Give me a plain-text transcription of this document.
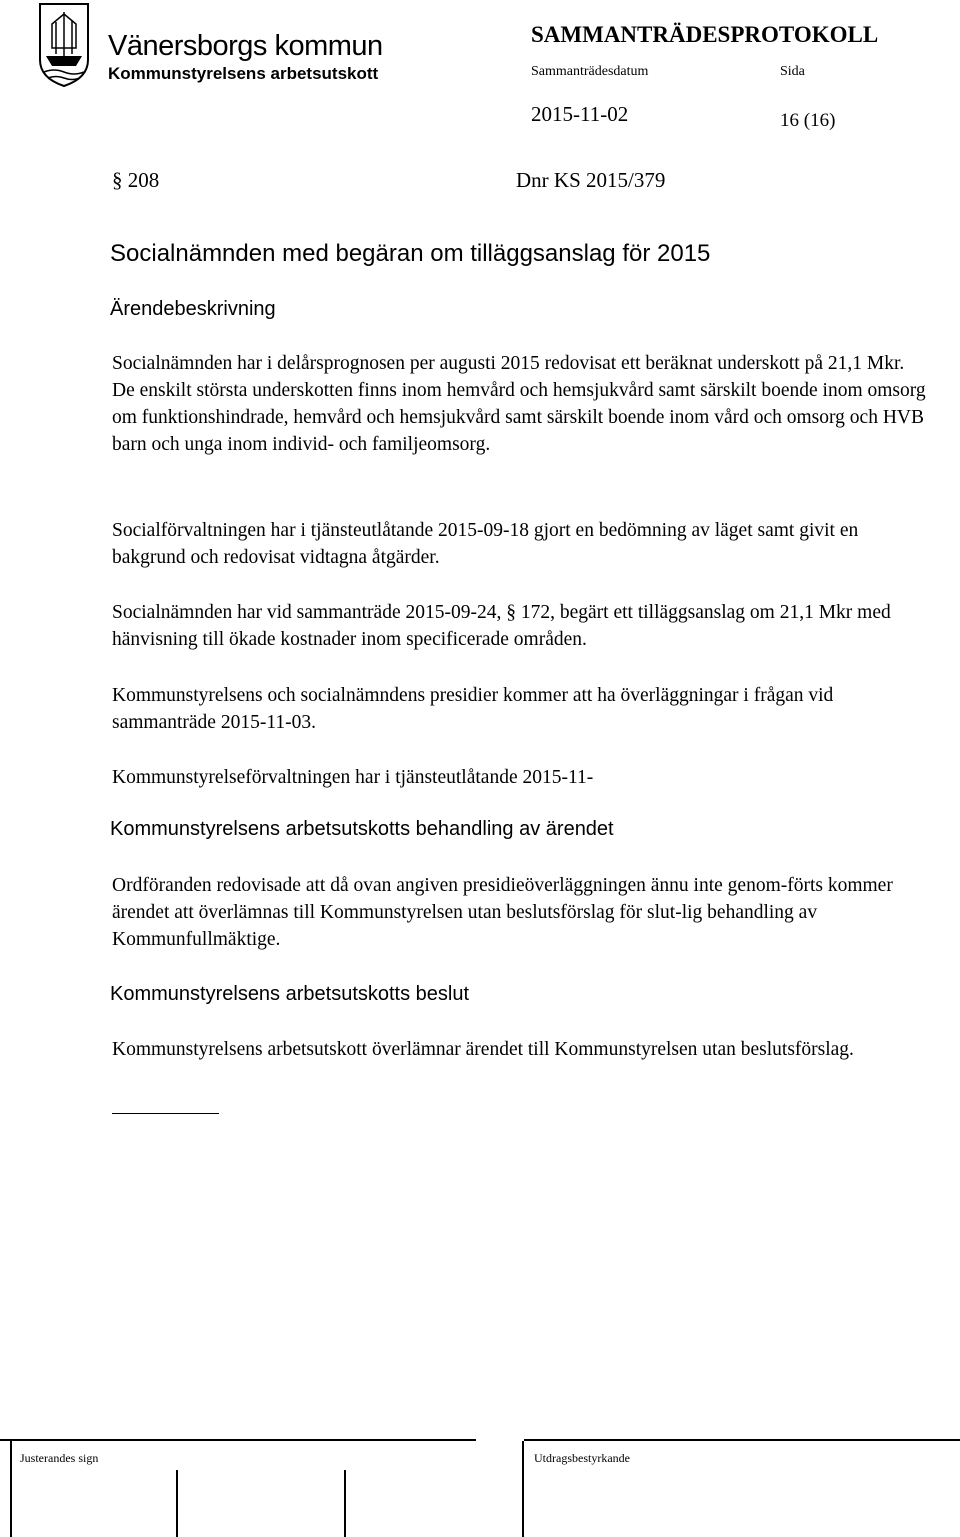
Vänersborgs kommun
Kommunstyrelsens arbetsutskott
SAMMANTRÄDESPROTOKOLL
Sammanträdesdatum	Sida
2015-11-02	16 (16)
§ 208	Dnr KS 2015/379
Socialnämnden med begäran om tilläggsanslag för 2015
Ärendebeskrivning
Socialnämnden har i delårsprognosen per augusti 2015 redovisat ett beräknat underskott på 21,1 Mkr. De enskilt största underskotten finns inom hemvård och hemsjukvård samt särskilt boende inom omsorg om funktionshindrade, hemvård och hemsjukvård samt särskilt boende inom vård och omsorg och HVB barn och unga inom individ- och familjeomsorg.
Socialförvaltningen har i tjänsteutlåtande 2015-09-18 gjort en bedömning av läget samt givit en bakgrund och redovisat vidtagna åtgärder.
Socialnämnden har vid sammanträde 2015-09-24, § 172, begärt ett tilläggsanslag om 21,1 Mkr med hänvisning till ökade kostnader inom specificerade områden.
Kommunstyrelsens och socialnämndens presidier kommer att ha överläggningar i frågan vid sammanträde 2015-11-03.
Kommunstyrelseförvaltningen har i tjänsteutlåtande 2015-11-
Kommunstyrelsens arbetsutskotts behandling av ärendet
Ordföranden redovisade att då ovan angiven presidieöverläggningen ännu inte genom-förts kommer ärendet att överlämnas till Kommunstyrelsen utan beslutsförslag för slut-lig behandling av Kommunfullmäktige.
Kommunstyrelsens arbetsutskotts beslut
Kommunstyrelsens arbetsutskott överlämnar ärendet till Kommunstyrelsen utan beslutsförslag.
Justerandes sign	Utdragsbestyrkande
